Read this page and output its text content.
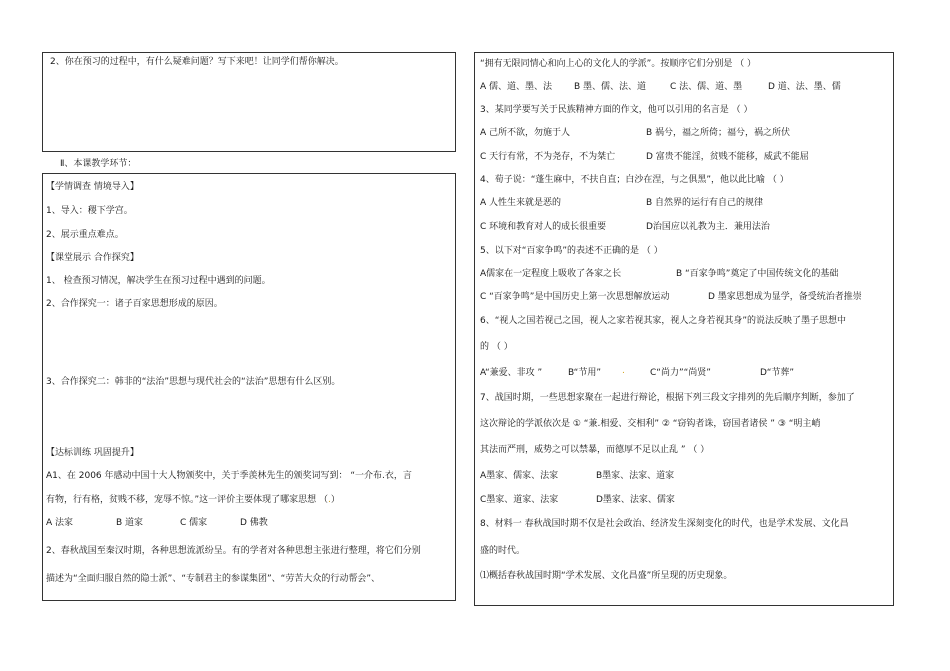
2、你在预习的过程中，有什么疑难问题？写下来吧！让同学们帮你解决。
Ⅱ、本课教学环节：
【学情调查 情境导入】
1、导入：稷下学宫。
2、展示重点难点。
【课堂展示 合作探究】
1、 检查预习情况，解决学生在预习过程中遇到的问题。
2、合作探究一：诸子百家思想形成的原因。
3、合作探究二：韩非的“法治”思想与现代社会的“法治”思想有什么区别。
【达标训练 巩固提升】
A1、在 2006 年感动中国十大人物颁奖中，关于季羡林先生的颁奖词写到： “一介布.衣，言
有物，行有格，贫贱不移，宠辱不惊。”这一评价主要体现了哪家思想 （.）
A 法家	B 道家	C 儒家	D 佛教
2、春秋战国至秦汉时期，各种思想流派纷呈。有的学者对各种思想主张进行整理，将它们分别
描述为“全面归服自然的隐士派”、“专制君主的参谋集团”、“劳苦大众的行动帮会”、
“拥有无限同情心和向上心的文化人的学派”。按顺序它们分别是 （ ）
A 儒、道、墨、法 B 墨、儒、法、道	C 法、儒、道、墨	D 道、法、墨、儒
3、某同学要写关于民族精神方面的作文，他可以引用的名言是 （ ）
A 己所不欲，勿施于人	B 祸兮，福之所倚；福兮，祸之所伏
C 天行有常，不为尧存，不为桀亡	D 富贵不能淫，贫贱不能移，威武不能屈
4、荀子说：“蓬生麻中，不扶自直；白沙在涅，与之俱黑”，他以此比喻 （ ）
A 人性生来就是恶的	B 自然界的运行有自己的规律
C 环境和教育对人的成长很重要	D治国应以礼教为主．兼用法治
5、以下对“百家争鸣”的表述不正确的是 （ ）
A儒家在一定程度上吸收了各家之长	B “百家争鸣”奠定了中国传统文化的基础
C “百家争鸣”是中国历史上第一次思想解放运动	D 墨家思想成为显学，备受统治者推崇
6、“视人之国若视己之国，视人之家若视其家，视人之身若视其身”的说法反映了墨子思想中
的 （ ）
A“兼爱、非攻 ”	B“节用” .	C“尚力”“尚贤”	D“节葬”
7、战国时期，一些思想家聚在一起进行辩论，根据下列三段文字排列的先后顺序判断，参加了
这次辩论的学派依次是 ① “兼.相爱、交相利” ② “窃钩者诛，窃国者诸侯 ” ③ “明主峭
其法而严刑，威势之可以禁暴，而德厚不足以止乱 ” （ ）
A墨家、儒家、法家	B墨家、法家、道家
C墨家、道家、法家	D墨家、法家、儒家
8、材料一 春秋战国时期不仅是社会政治、经济发生深刻变化的时代，也是学术发展、文化昌
盛的时代。
⑴概括春秋战国时期“学术发展、文化昌盛”所呈现的历史现象。
